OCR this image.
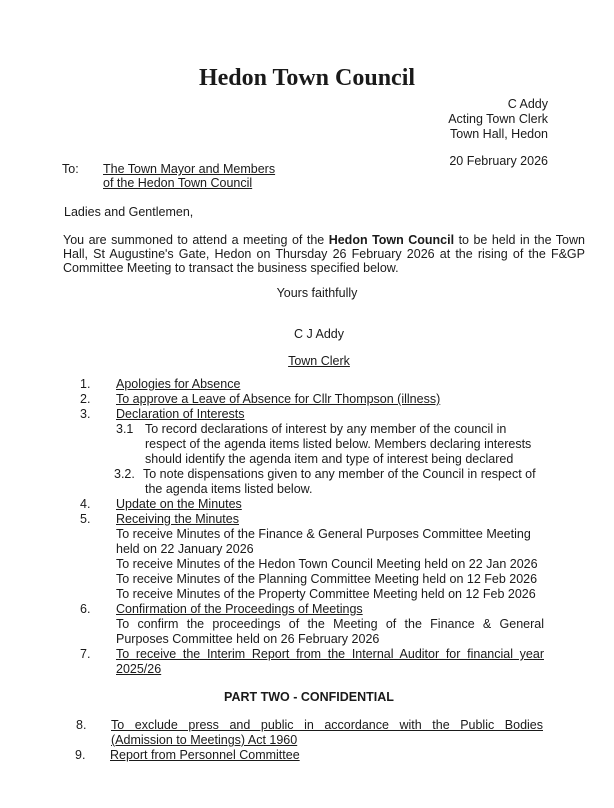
Hedon Town Council
C Addy
Acting Town Clerk
Town Hall, Hedon
20 February 2026
To: The Town Mayor and Members
of the Hedon Town Council
Ladies and Gentlemen,
You are summoned to attend a meeting of the Hedon Town Council to be held in the Town Hall, St Augustine's Gate, Hedon on Thursday 26 February 2026 at the rising of the F&GP Committee Meeting to transact the business specified below.
Yours faithfully
C J Addy
Town Clerk
1. Apologies for Absence
2. To approve a Leave of Absence for Cllr Thompson (illness)
3. Declaration of Interests
3.1 To record declarations of interest by any member of the council in
respect of the agenda items listed below. Members declaring interests
should identify the agenda item and type of interest being declared
3.2. To note dispensations given to any member of the Council in respect of
the agenda items listed below.
4. Update on the Minutes
5. Receiving the Minutes
To receive Minutes of the Finance & General Purposes Committee Meeting
held on 22 January 2026
To receive Minutes of the Hedon Town Council Meeting held on 22 Jan 2026
To receive Minutes of the Planning Committee Meeting held on 12 Feb 2026
To receive Minutes of the Property Committee Meeting held on 12 Feb 2026
6. Confirmation of the Proceedings of Meetings
To confirm the proceedings of the Meeting of the Finance & General
Purposes Committee held on 26 February 2026
7. To receive the Interim Report from the Internal Auditor for financial year
2025/26
PART TWO - CONFIDENTIAL
8. To exclude press and public in accordance with the Public Bodies
(Admission to Meetings) Act 1960
9. Report from Personnel Committee
